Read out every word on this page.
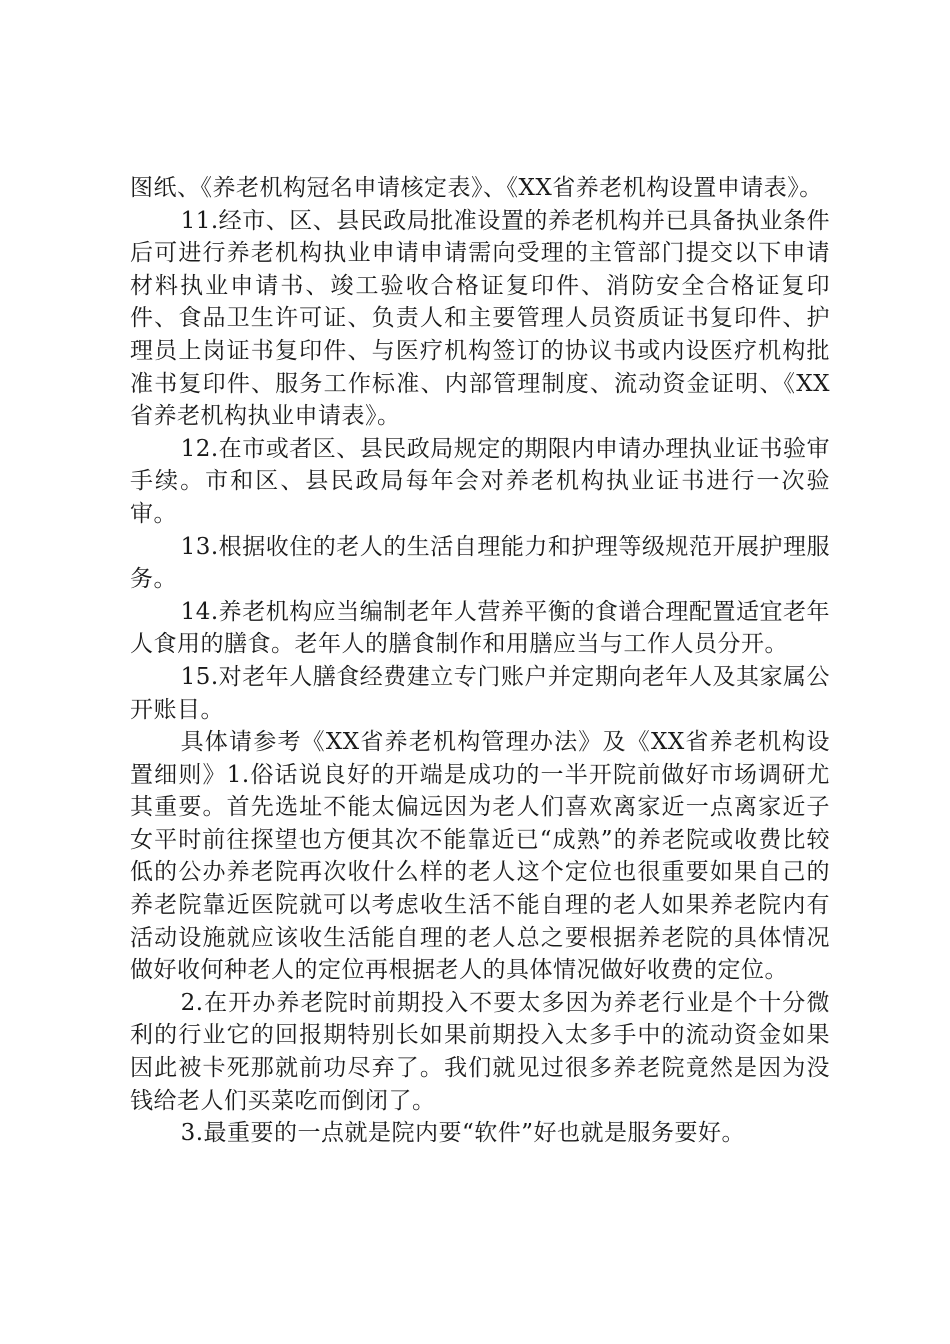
图纸、《养老机构冠名申请核定表》、《XX省养老机构设置申请表》。

11.经市、区、县民政局批准设置的养老机构并已具备执业条件后可进行养老机构执业申请申请需向受理的主管部门提交以下申请材料执业申请书、竣工验收合格证复印件、消防安全合格证复印件、食品卫生许可证、负责人和主要管理人员资质证书复印件、护理员上岗证书复印件、与医疗机构签订的协议书或内设医疗机构批准书复印件、服务工作标准、内部管理制度、流动资金证明、《XX省养老机构执业申请表》。

12.在市或者区、县民政局规定的期限内申请办理执业证书验审手续。市和区、县民政局每年会对养老机构执业证书进行一次验审。

13.根据收住的老人的生活自理能力和护理等级规范开展护理服务。

14.养老机构应当编制老年人营养平衡的食谱合理配置适宜老年人食用的膳食。老年人的膳食制作和用膳应当与工作人员分开。

15.对老年人膳食经费建立专门账户并定期向老年人及其家属公开账目。

具体请参考《XX省养老机构管理办法》及《XX省养老机构设置细则》1.俗话说良好的开端是成功的一半开院前做好市场调研尤其重要。首先选址不能太偏远因为老人们喜欢离家近一点离家近子女平时前往探望也方便其次不能靠近已“成熟”的养老院或收费比较低的公办养老院再次收什么样的老人这个定位也很重要如果自己的养老院靠近医院就可以考虑收生活不能自理的老人如果养老院内有活动设施就应该收生活能自理的老人总之要根据养老院的具体情况做好收何种老人的定位再根据老人的具体情况做好收费的定位。

2.在开办养老院时前期投入不要太多因为养老行业是个十分微利的行业它的回报期特别长如果前期投入太多手中的流动资金如果因此被卡死那就前功尽弃了。我们就见过很多养老院竟然是因为没钱给老人们买菜吃而倒闭了。

3.最重要的一点就是院内要“软件”好也就是服务要好。
